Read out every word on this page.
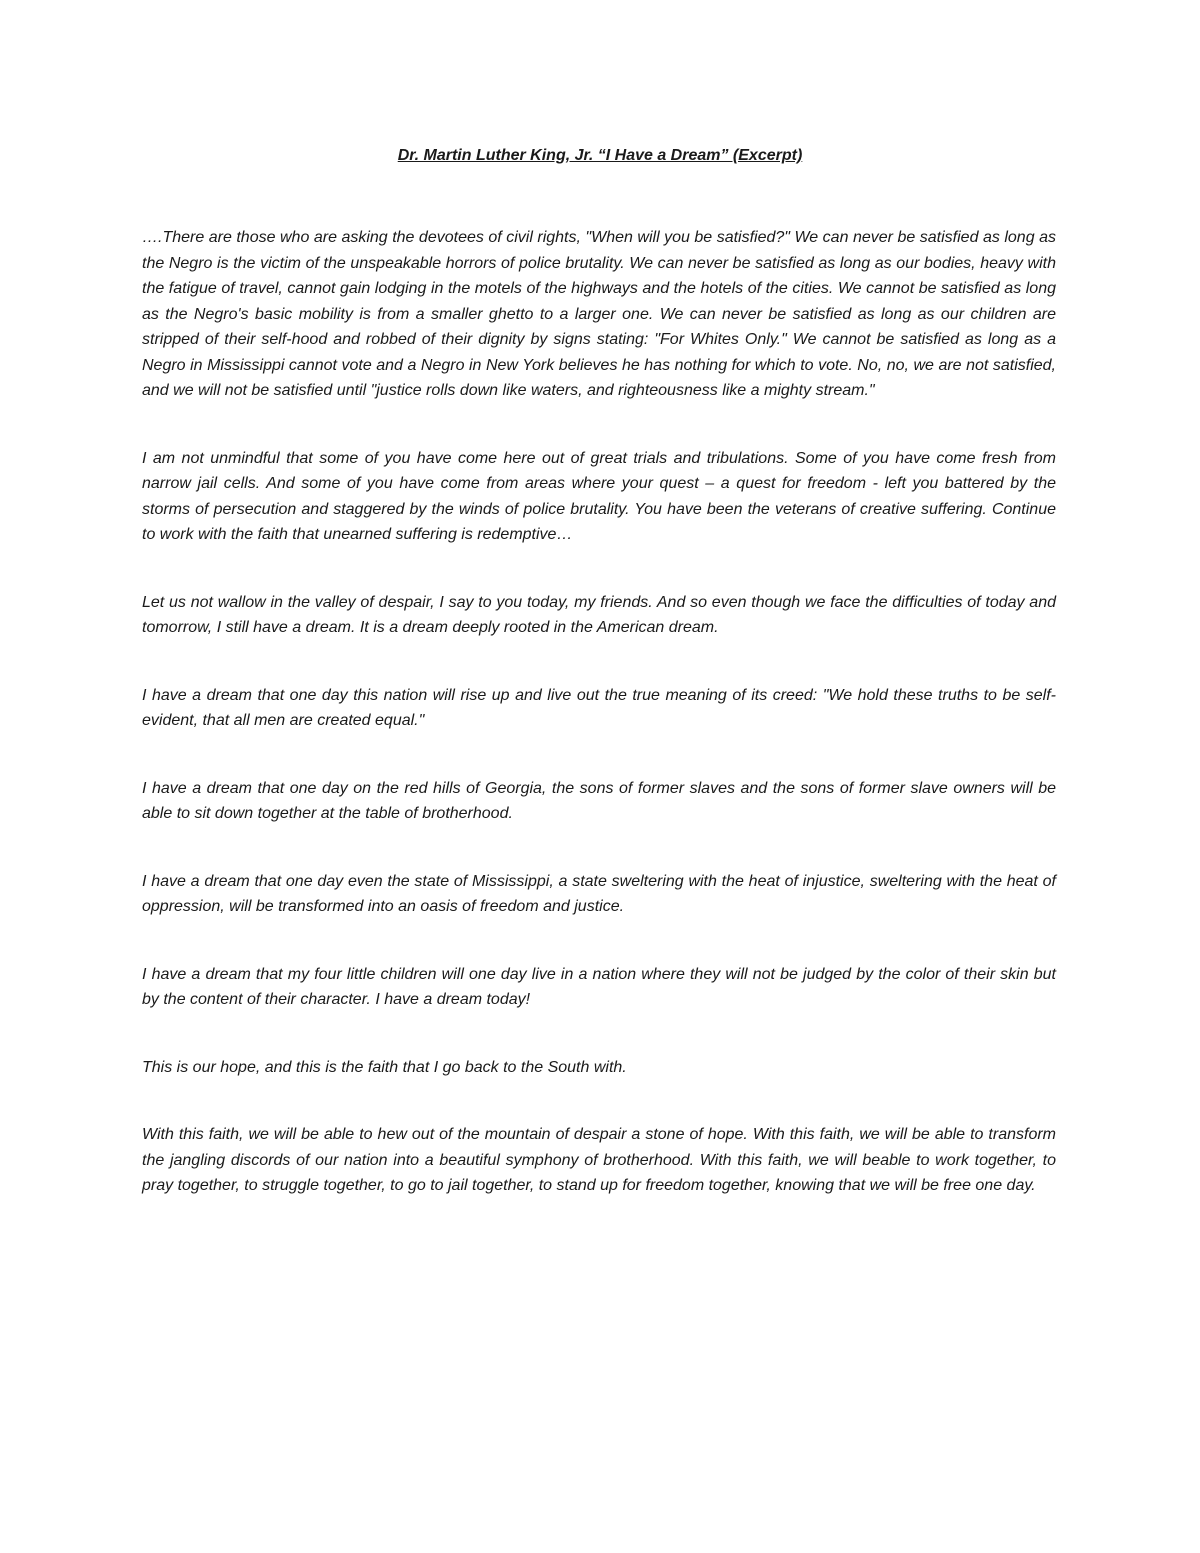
Dr. Martin Luther King, Jr. “I Have a Dream” (Excerpt)

….There are those who are asking the devotees of civil rights, "When will you be satisfied?" We can never be satisfied as long as the Negro is the victim of the unspeakable horrors of police brutality. We can never be satisfied as long as our bodies, heavy with the fatigue of travel, cannot gain lodging in the motels of the highways and the hotels of the cities. We cannot be satisfied as long as the Negro's basic mobility is from a smaller ghetto to a larger one. We can never be satisfied as long as our children are stripped of their self-hood and robbed of their dignity by signs stating: "For Whites Only." We cannot be satisfied as long as a Negro in Mississippi cannot vote and a Negro in New York believes he has nothing for which to vote. No, no, we are not satisfied, and we will not be satisfied until "justice rolls down like waters, and righteousness like a mighty stream."

I am not unmindful that some of you have come here out of great trials and tribulations. Some of you have come fresh from narrow jail cells. And some of you have come from areas where your quest – a quest for freedom - left you battered by the storms of persecution and staggered by the winds of police brutality. You have been the veterans of creative suffering. Continue to work with the faith that unearned suffering is redemptive…

Let us not wallow in the valley of despair, I say to you today, my friends. And so even though we face the difficulties of today and tomorrow, I still have a dream. It is a dream deeply rooted in the American dream.

I have a dream that one day this nation will rise up and live out the true meaning of its creed: "We hold these truths to be self-evident, that all men are created equal."

I have a dream that one day on the red hills of Georgia, the sons of former slaves and the sons of former slave owners will be able to sit down together at the table of brotherhood.

I have a dream that one day even the state of Mississippi, a state sweltering with the heat of injustice, sweltering with the heat of oppression, will be transformed into an oasis of freedom and justice.

I have a dream that my four little children will one day live in a nation where they will not be judged by the color of their skin but by the content of their character. I have a dream today!

This is our hope, and this is the faith that I go back to the South with.

With this faith, we will be able to hew out of the mountain of despair a stone of hope. With this faith, we will be able to transform the jangling discords of our nation into a beautiful symphony of brotherhood. With this faith, we will beable to work together, to pray together, to struggle together, to go to jail together, to stand up for freedom together, knowing that we will be free one day.
